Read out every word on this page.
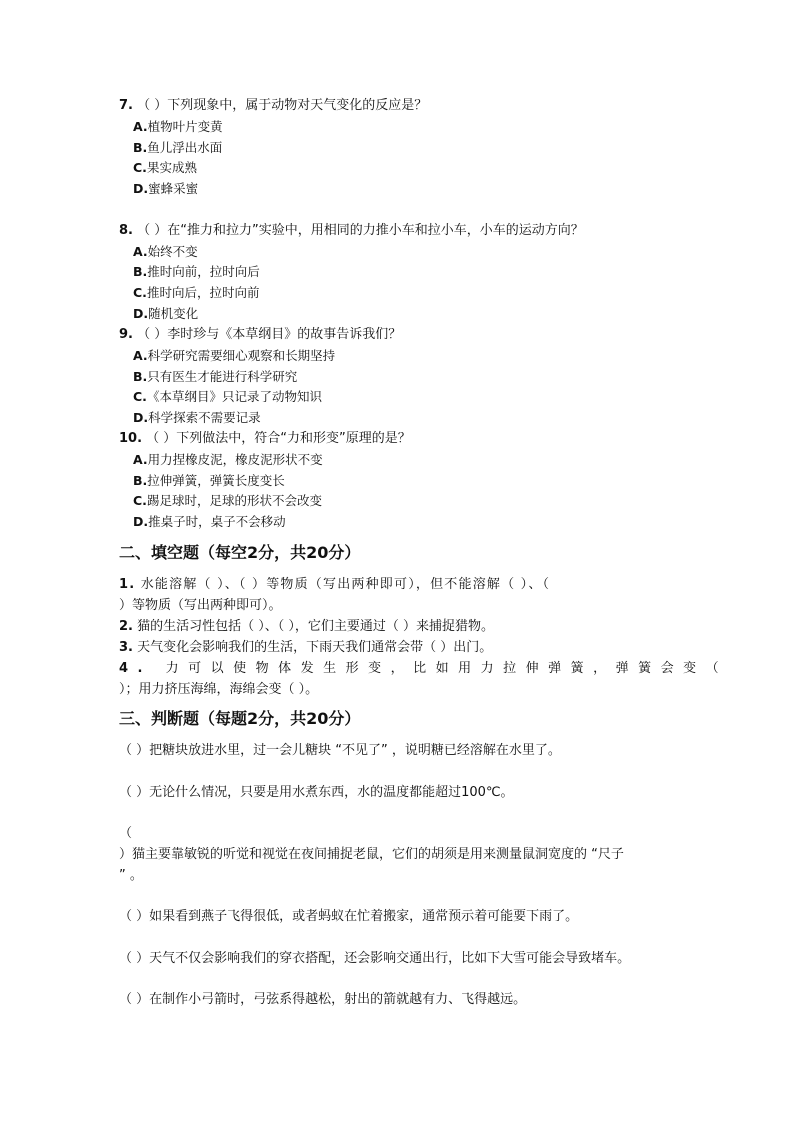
7. （ ）下列现象中，属于动物对天气变化的反应是？
A.植物叶片变黄
B.鱼儿浮出水面
C.果实成熟
D.蜜蜂采蜜
8. （ ）在“推力和拉力”实验中，用相同的力推小车和拉小车，小车的运动方向？
A.始终不变
B.推时向前，拉时向后
C.推时向后，拉时向前
D.随机变化
9. （ ）李时珍与《本草纲目》的故事告诉我们？
A.科学研究需要细心观察和长期坚持
B.只有医生才能进行科学研究
C.《本草纲目》只记录了动物知识
D.科学探索不需要记录
10. （ ）下列做法中，符合“力和形变”原理的是？
A.用力捏橡皮泥，橡皮泥形状不变
B.拉伸弹簧，弹簧长度变长
C.踢足球时，足球的形状不会改变
D.推桌子时，桌子不会移动
二、填空题（每空2分，共20分）
1. 水能溶解（ ）、（ ）等物质（写出两种即可），但不能溶解（ ）、（
）等物质（写出两种即可）。
2. 猫的生活习性包括（ ）、（ ），它们主要通过（ ）来捕捉猎物。
3. 天气变化会影响我们的生活，下雨天我们通常会带（ ）出门。
4. 力可以使物体发生形变，比如用力拉伸弹簧，弹簧会变（
）；用力挤压海绵，海绵会变（ ）。
三、判断题（每题2分，共20分）
（ ）把糖块放进水里，过一会儿糖块 “不见了” ，说明糖已经溶解在水里了。
（ ）无论什么情况，只要是用水煮东西，水的温度都能超过100℃。
（
）猫主要靠敏锐的听觉和视觉在夜间捕捉老鼠，它们的胡须是用来测量鼠洞宽度的 “尺子
” 。
（ ）如果看到燕子飞得很低，或者蚂蚁在忙着搬家，通常预示着可能要下雨了。
（ ）天气不仅会影响我们的穿衣搭配，还会影响交通出行，比如下大雪可能会导致堵车。
（ ）在制作小弓箭时，弓弦系得越松，射出的箭就越有力、飞得越远。
